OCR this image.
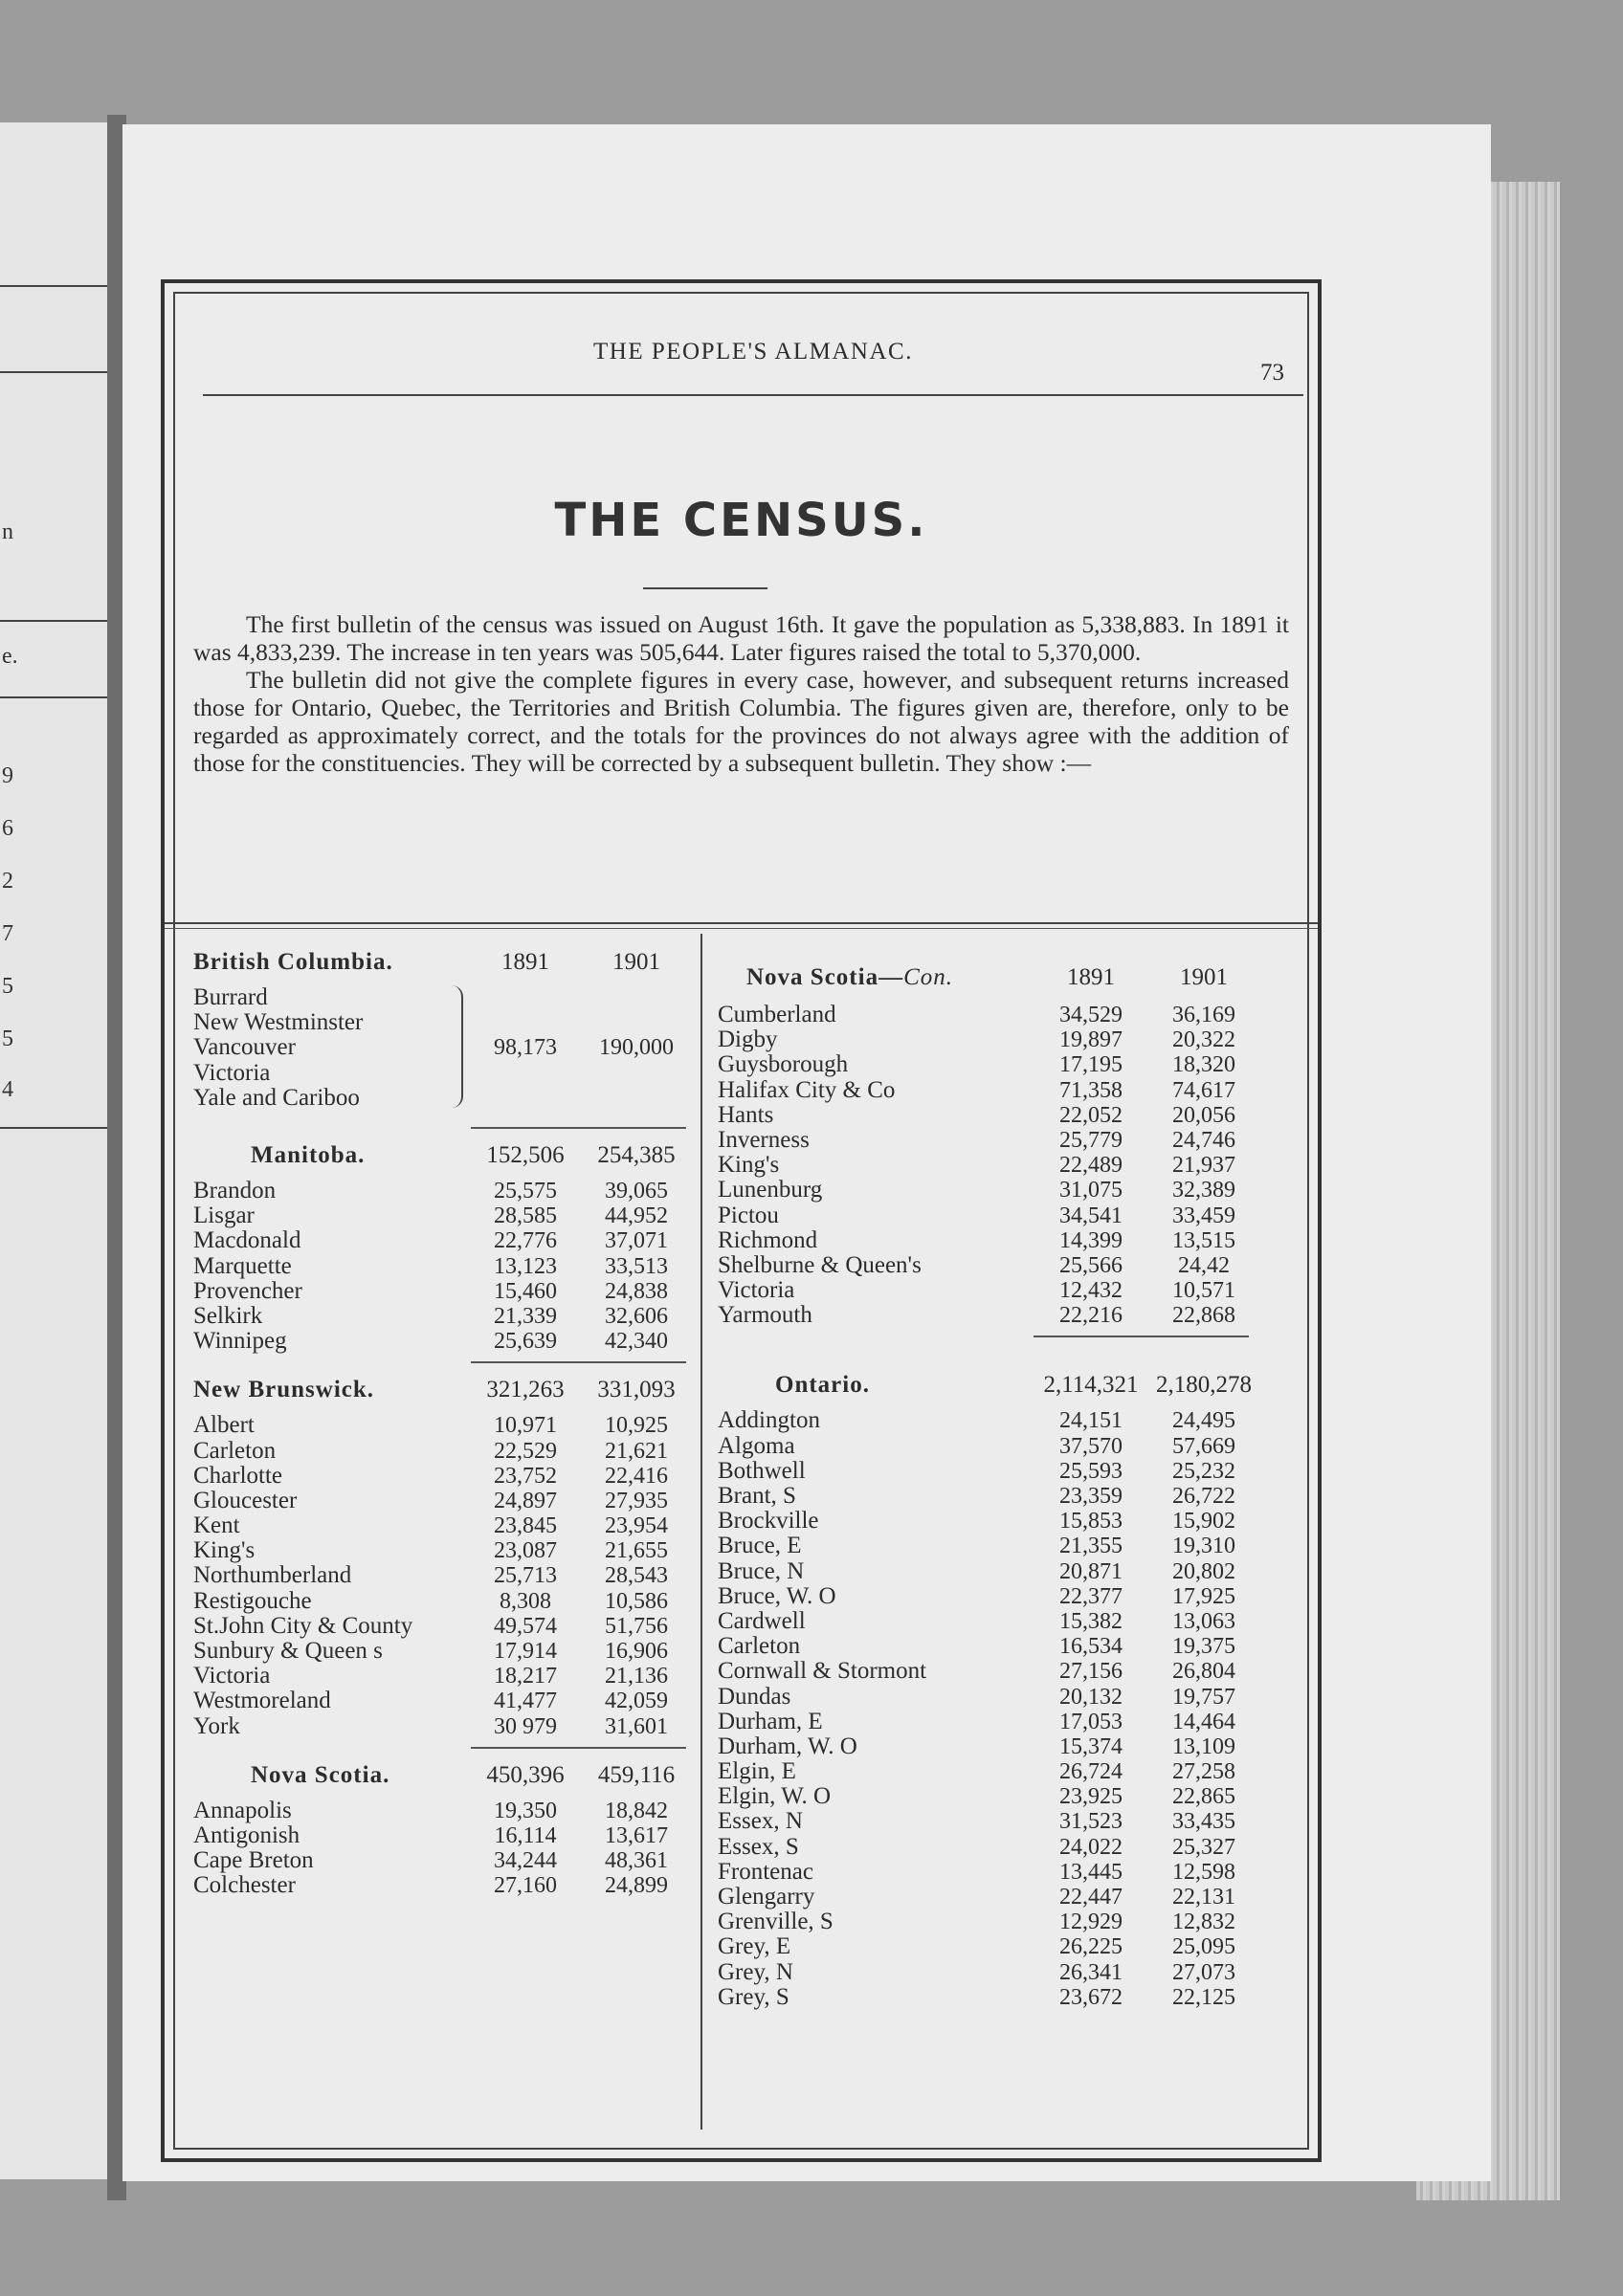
n
e.
9
6
2
7
5
5
4
THE PEOPLE'S ALMANAC.
73
THE CENSUS.

The first bulletin of the census was issued on August 16th. It gave the population as 5,338,883. In 1891 it was 4,833,239. The increase in ten years was 505,644. Later figures raised the total to 5,370,000.

The bulletin did not give the complete figures in every case, however, and subsequent returns increased those for Ontario, Quebec, the Territories and British Columbia. The figures given are, therefore, only to be regarded as approximately correct, and the totals for the provinces do not always agree with the addition of those for the constituencies. They will be corrected by a subsequent bulletin. They show :—

British Columbia.	1891	1901
Burrard
New Westminster
Vancouver	98,173	190,000
Victoria
Yale and Cariboo
Manitoba.	152,506	254,385
Brandon	25,575	39,065
Lisgar	28,585	44,952
Macdonald	22,776	37,071
Marquette	13,123	33,513
Provencher	15,460	24,838
Selkirk	21,339	32,606
Winnipeg	25,639	42,340
New Brunswick.	321,263	331,093
Albert	10,971	10,925
Carleton	22,529	21,621
Charlotte	23,752	22,416
Gloucester	24,897	27,935
Kent	23,845	23,954
King's	23,087	21,655
Northumberland	25,713	28,543
Restigouche	8,308	10,586
St.John City & County	49,574	51,756
Sunbury & Queen s	17,914	16,906
Victoria	18,217	21,136
Westmoreland	41,477	42,059
York	30 979	31,601
Nova Scotia.	450,396	459,116
Annapolis	19,350	18,842
Antigonish	16,114	13,617
Cape Breton	34,244	48,361
Colchester	27,160	24,899
Nova Scotia—Con.	1891	1901
Cumberland	34,529	36,169
Digby	19,897	20,322
Guysborough	17,195	18,320
Halifax City & Co	71,358	74,617
Hants	22,052	20,056
Inverness	25,779	24,746
King's	22,489	21,937
Lunenburg	31,075	32,389
Pictou	34,541	33,459
Richmond	14,399	13,515
Shelburne & Queen's	25,566	24,42
Victoria	12,432	10,571
Yarmouth	22,216	22,868
Ontario.	2,114,321 2,180,278
Addington	24,151	24,495
Algoma	37,570	57,669
Bothwell	25,593	25,232
Brant, S	23,359	26,722
Brockville	15,853	15,902
Bruce, E	21,355	19,310
Bruce, N	20,871	20,802
Bruce, W. O	22,377	17,925
Cardwell	15,382	13,063
Carleton	16,534	19,375
Cornwall & Stormont	27,156	26,804
Dundas	20,132	19,757
Durham, E	17,053	14,464
Durham, W. O	15,374	13,109
Elgin, E	26,724	27,258
Elgin, W. O	23,925	22,865
Essex, N	31,523	33,435
Essex, S	24,022	25,327
Frontenac	13,445	12,598
Glengarry	22,447	22,131
Grenville, S	12,929	12,832
Grey, E	26,225	25,095
Grey, N	26,341	27,073
Grey, S	23,672	22,125
